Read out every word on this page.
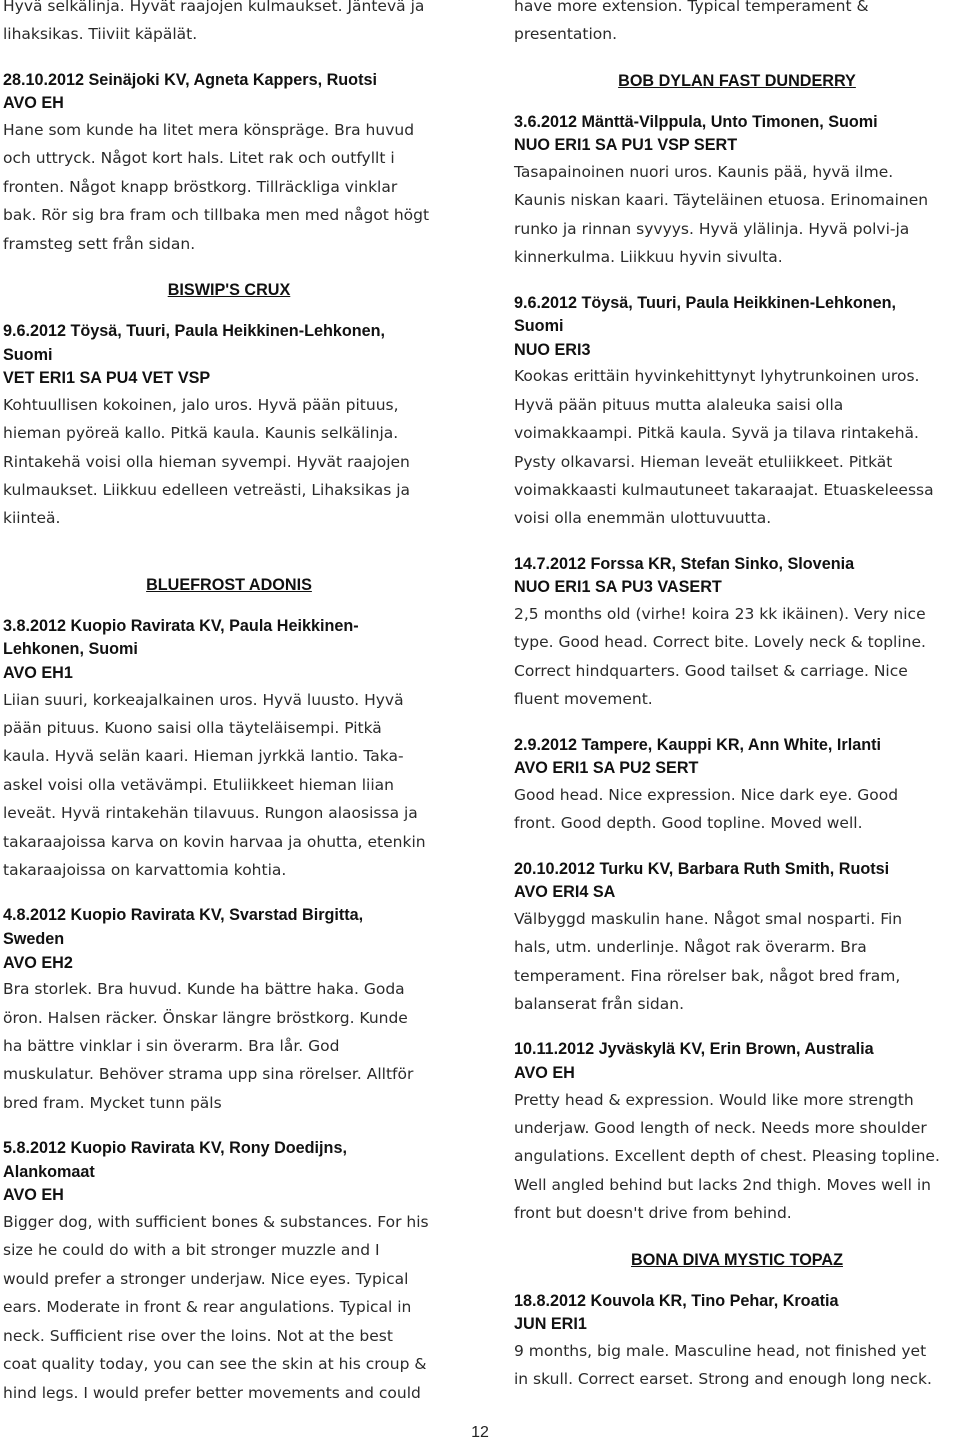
Hyvä selkälinja. Hyvät raajojen kulmaukset. Jäntevä ja

lihaksikas. Tiiviit käpälät.

28.10.2012 Seinäjoki KV, Agneta Kappers, Ruotsi

AVO EH

Hane som kunde ha litet mera könspräge. Bra huvud

och uttryck. Något kort hals. Litet rak och outfyllt i

fronten. Något knapp bröstkorg. Tillräckliga vinklar

bak. Rör sig bra fram och tillbaka men med något högt

framsteg sett från sidan.

BISWIP'S CRUX

9.6.2012 Töysä, Tuuri, Paula Heikkinen-Lehkonen,

Suomi

VET ERI1 SA PU4 VET VSP

Kohtuullisen kokoinen, jalo uros. Hyvä pään pituus,

hieman pyöreä kallo. Pitkä kaula. Kaunis selkälinja.

Rintakehä voisi olla hieman syvempi. Hyvät raajojen

kulmaukset. Liikkuu edelleen vetreästi, Lihaksikas ja

kiinteä.

BLUEFROST ADONIS

3.8.2012 Kuopio Ravirata KV, Paula Heikkinen-

Lehkonen, Suomi

AVO EH1

Liian suuri, korkeajalkainen uros. Hyvä luusto. Hyvä

pään pituus. Kuono saisi olla täyteläisempi. Pitkä

kaula. Hyvä selän kaari. Hieman jyrkkä lantio. Taka-

askel voisi olla vetävämpi. Etuliikkeet hieman liian

leveät. Hyvä rintakehän tilavuus. Rungon alaosissa ja

takaraajoissa karva on kovin harvaa ja ohutta, etenkin

takaraajoissa on karvattomia kohtia.

4.8.2012 Kuopio Ravirata KV, Svarstad Birgitta,

Sweden

AVO EH2

Bra storlek. Bra huvud. Kunde ha bättre haka. Goda

öron. Halsen räcker. Önskar längre bröstkorg. Kunde

ha bättre vinklar i sin överarm. Bra lår. God

muskulatur. Behöver strama upp sina rörelser. Alltför

bred fram. Mycket tunn päls

5.8.2012 Kuopio Ravirata KV, Rony Doedijns,

Alankomaat

AVO EH

Bigger dog, with sufficient bones & substances. For his

size he could do with a bit stronger muzzle and I

would prefer a stronger underjaw. Nice eyes. Typical

ears. Moderate in front & rear angulations. Typical in

neck. Sufficient rise over the loins. Not at the best

coat quality today, you can see the skin at his croup &

hind legs. I would prefer better movements and could

have more extension. Typical temperament &

presentation.

BOB DYLAN FAST DUNDERRY

3.6.2012 Mänttä-Vilppula, Unto Timonen, Suomi

NUO ERI1 SA PU1 VSP SERT

Tasapainoinen nuori uros. Kaunis pää, hyvä ilme.

Kaunis niskan kaari. Täyteläinen etuosa. Erinomainen

runko ja rinnan syvyys. Hyvä ylälinja. Hyvä polvi-ja

kinnerkulma. Liikkuu hyvin sivulta.

9.6.2012 Töysä, Tuuri, Paula Heikkinen-Lehkonen,

Suomi

NUO ERI3

Kookas erittäin hyvinkehittynyt lyhytrunkoinen uros.

Hyvä pään pituus mutta alaleuka saisi olla

voimakkaampi. Pitkä kaula. Syvä ja tilava rintakehä.

Pysty olkavarsi. Hieman leveät etuliikkeet. Pitkät

voimakkaasti kulmautuneet takaraajat. Etuaskeleessa

voisi olla enemmän ulottuvuutta.

14.7.2012 Forssa KR, Stefan Sinko, Slovenia

NUO ERI1 SA PU3 VASERT

2,5 months old (virhe! koira 23 kk ikäinen). Very nice

type. Good head. Correct bite. Lovely neck & topline.

Correct hindquarters. Good tailset & carriage. Nice

fluent movement.

2.9.2012 Tampere, Kauppi KR, Ann White, Irlanti

AVO ERI1 SA PU2 SERT

Good head. Nice expression. Nice dark eye. Good

front. Good depth. Good topline. Moved well.

20.10.2012 Turku KV, Barbara Ruth Smith, Ruotsi

AVO ERI4 SA

Välbyggd maskulin hane. Något smal nosparti. Fin

hals, utm. underlinje. Något rak överarm. Bra

temperament. Fina rörelser bak, något bred fram,

balanserat från sidan.

10.11.2012 Jyväskylä KV, Erin Brown, Australia

AVO EH

Pretty head & expression. Would like more strength

underjaw. Good length of neck. Needs more shoulder

angulations. Excellent depth of chest. Pleasing topline.

Well angled behind but lacks 2nd thigh. Moves well in

front but doesn't drive from behind.

BONA DIVA MYSTIC TOPAZ

18.8.2012 Kouvola KR, Tino Pehar, Kroatia

JUN ERI1

9 months, big male. Masculine head, not finished yet

in skull. Correct earset. Strong and enough long neck.

12
